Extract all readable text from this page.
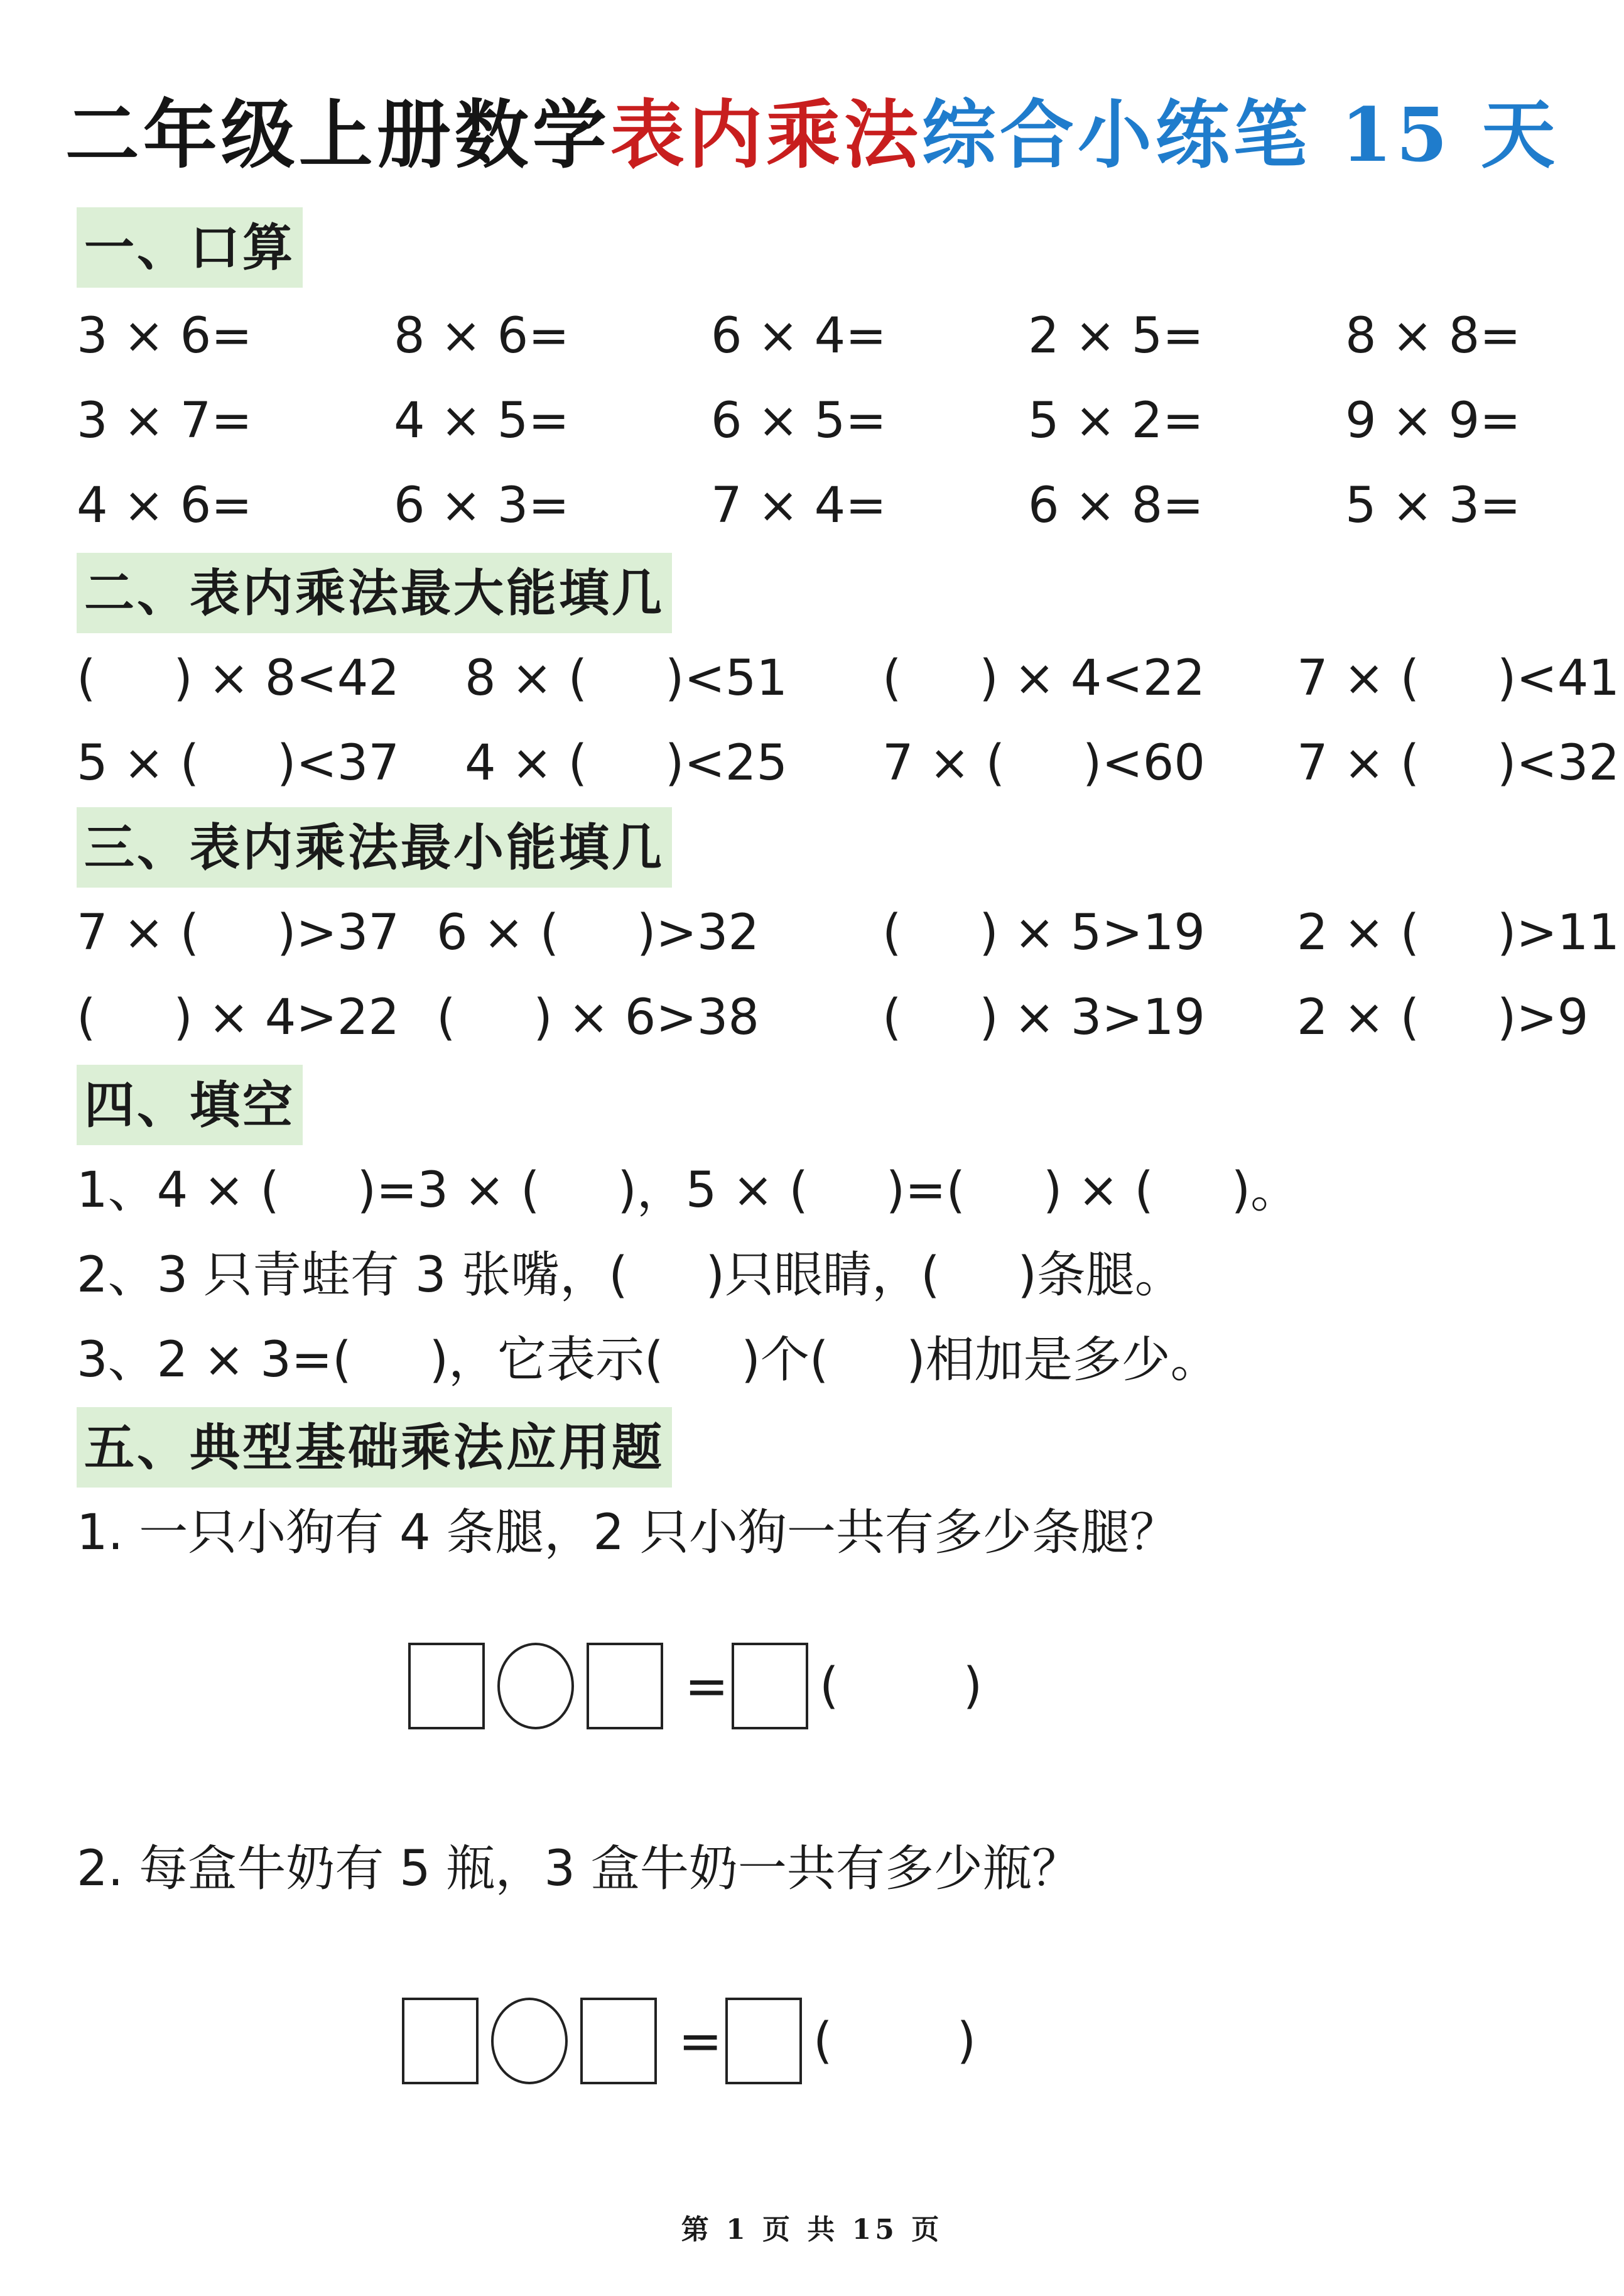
二年级上册数学表内乘法综合小练笔 15 天
一、口算
3 × 6=	8 × 6=	6 × 4=	2 × 5=	8 × 8=
3 × 7=	4 × 5=	6 × 5=	5 × 2=	9 × 9=
4 × 6=	6 × 3=	7 × 4=	6 × 8=	5 × 3=
二、表内乘法最大能填几
(     ) × 8<42 8 × (     )<51 (     ) × 4<22 7 × (     )<41
5 × (     )<37 4 × (     )<25 7 × (     )<60 7 × (     )<32
三、表内乘法最小能填几
7 × (     )>37 6 × (     )>32	(     ) × 5>19 2 × (     )>11
(     ) × 4>22 (     ) × 6>38	(     ) × 3>19 2 × (     )>9
四、填空
1、4 × (     )=3 × (     )，5 × (     )=(     ) × (     )。
2、3 只青蛙有 3 张嘴，(     )只眼睛，(     )条腿。
3、2 × 3=(     )，它表示(     )个(     )相加是多少。
五、典型基础乘法应用题
1. 一只小狗有 4 条腿，2 只小狗一共有多少条腿？
= (        )
2. 每盒牛奶有 5 瓶，3 盒牛奶一共有多少瓶？
= (        )
第 1 页 共 15 页
